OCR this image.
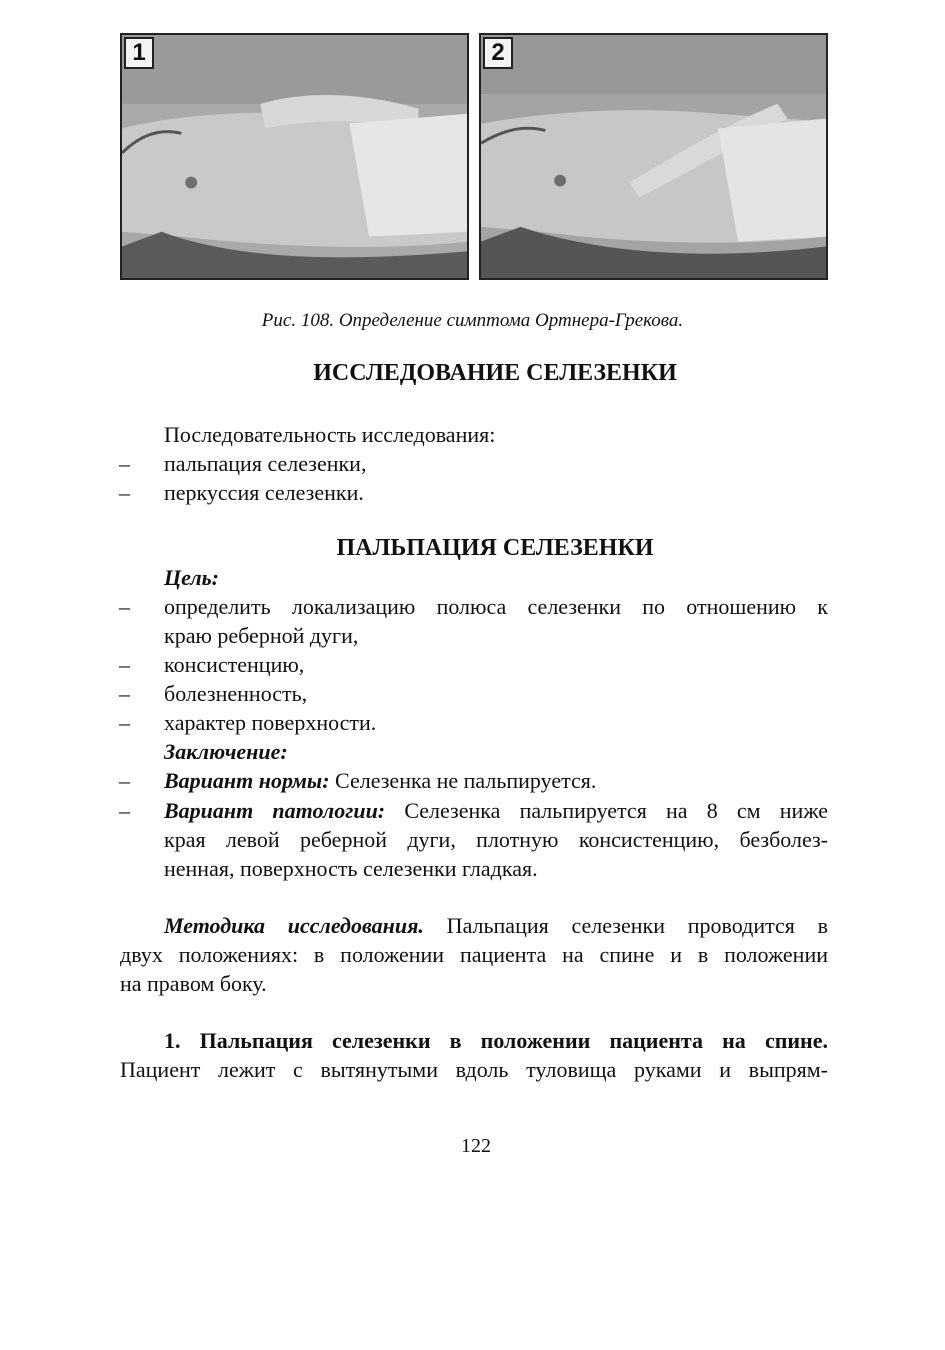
1	2
Рис. 108. Определение симптома Ортнера-Грекова.
ИССЛЕДОВАНИЕ СЕЛЕЗЕНКИ
Последовательность исследования:
– пальпация селезенки,
– перкуссия селезенки.
ПАЛЬПАЦИЯ СЕЛЕЗЕНКИ
Цель:
– определить локализацию полюса селезенки по отношению к
краю реберной дуги,
– консистенцию,
– болезненность,
– характер поверхности.
Заключение:
– Вариант нормы: Селезенка не пальпируется.
– Вариант патологии: Селезенка пальпируется на 8 см ниже
края левой реберной дуги, плотную консистенцию, безболез-
ненная, поверхность селезенки гладкая.
Методика исследования. Пальпация селезенки проводится в
двух положениях: в положении пациента на спине и в положении
на правом боку.
1. Пальпация селезенки в положении пациента на спине.
Пациент лежит с вытянутыми вдоль туловища руками и выпрям-
122
